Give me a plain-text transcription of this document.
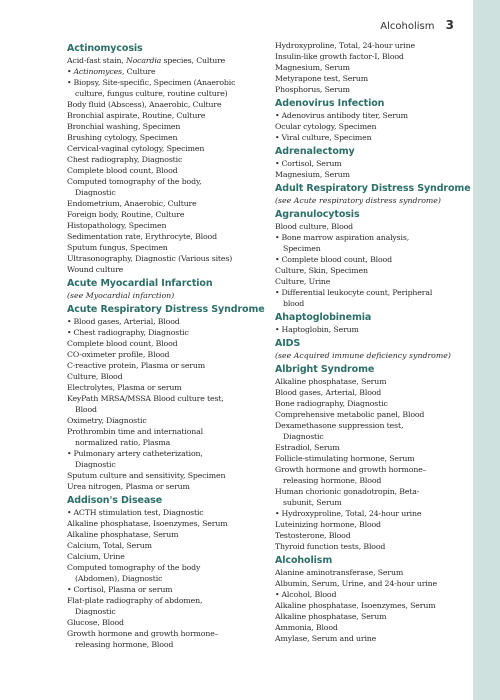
Alcoholism 3
Actinomycosis
Acid-fast stain, Nocardia species, Culture
• Actinomyces, Culture
• Biopsy, Site-specific, Specimen (Anaerobic
culture, fungus culture, routine culture)
Body fluid (Abscess), Anaerobic, Culture
Bronchial aspirate, Routine, Culture
Bronchial washing, Specimen
Brushing cytology, Specimen
Cervical-vaginal cytology, Specimen
Chest radiography, Diagnostic
Complete blood count, Blood
Computed tomography of the body,
Diagnostic
Endometrium, Anaerobic, Culture
Foreign body, Routine, Culture
Histopathology, Specimen
Sedimentation rate, Erythrocyte, Blood
Sputum fungus, Specimen
Ultrasonography, Diagnostic (Various sites)
Wound culture
Acute Myocardial Infarction
(see Myocardial infarction)
Acute Respiratory Distress Syndrome
• Blood gases, Arterial, Blood
• Chest radiography, Diagnostic
Complete blood count, Blood
CO-oximeter profile, Blood
C-reactive protein, Plasma or serum
Culture, Blood
Electrolytes, Plasma or serum
KeyPath MRSA/MSSA Blood culture test,
Blood
Oximetry, Diagnostic
Prothrombin time and international
normalized ratio, Plasma
• Pulmonary artery catheterization,
Diagnostic
Sputum culture and sensitivity, Specimen
Urea nitrogen, Plasma or serum
Addison's Disease
• ACTH stimulation test, Diagnostic
Alkaline phosphatase, Isoenzymes, Serum
Alkaline phosphatase, Serum
Calcium, Total, Serum
Calcium, Urine
Computed tomography of the body
(Abdomen), Diagnostic
• Cortisol, Plasma or serum
Flat-plate radiography of abdomen,
Diagnostic
Glucose, Blood
Growth hormone and growth hormone–
releasing hormone, Blood
Hydroxyproline, Total, 24-hour urine
Insulin-like growth factor-I, Blood
Magnesium, Serum
Metyrapone test, Serum
Phosphorus, Serum
Adenovirus Infection
• Adenovirus antibody titer, Serum
Ocular cytology, Specimen
• Viral culture, Specimen
Adrenalectomy
• Cortisol, Serum
Magnesium, Serum
Adult Respiratory Distress Syndrome
(see Acute respiratory distress syndrome)
Agranulocytosis
Blood culture, Blood
• Bone marrow aspiration analysis,
Specimen
• Complete blood count, Blood
Culture, Skin, Specimen
Culture, Urine
• Differential leukocyte count, Peripheral
blood
Ahaptoglobinemia
• Haptoglobin, Serum
AIDS
(see Acquired immune deficiency syndrome)
Albright Syndrome
Alkaline phosphatase, Serum
Blood gases, Arterial, Blood
Bone radiography, Diagnostic
Comprehensive metabolic panel, Blood
Dexamethasone suppression test,
Diagnostic
Estradiol, Serum
Follicle-stimulating hormone, Serum
Growth hormone and growth hormone–
releasing hormone, Blood
Human chorionic gonadotropin, Beta-
subunit, Serum
• Hydroxyproline, Total, 24-hour urine
Luteinizing hormone, Blood
Testosterone, Blood
Thyroid function tests, Blood
Alcoholism
Alanine aminotransferase, Serum
Albumin, Serum, Urine, and 24-hour urine
• Alcohol, Blood
Alkaline phosphatase, Isoenzymes, Serum
Alkaline phosphatase, Serum
Ammonia, Blood
Amylase, Serum and urine
